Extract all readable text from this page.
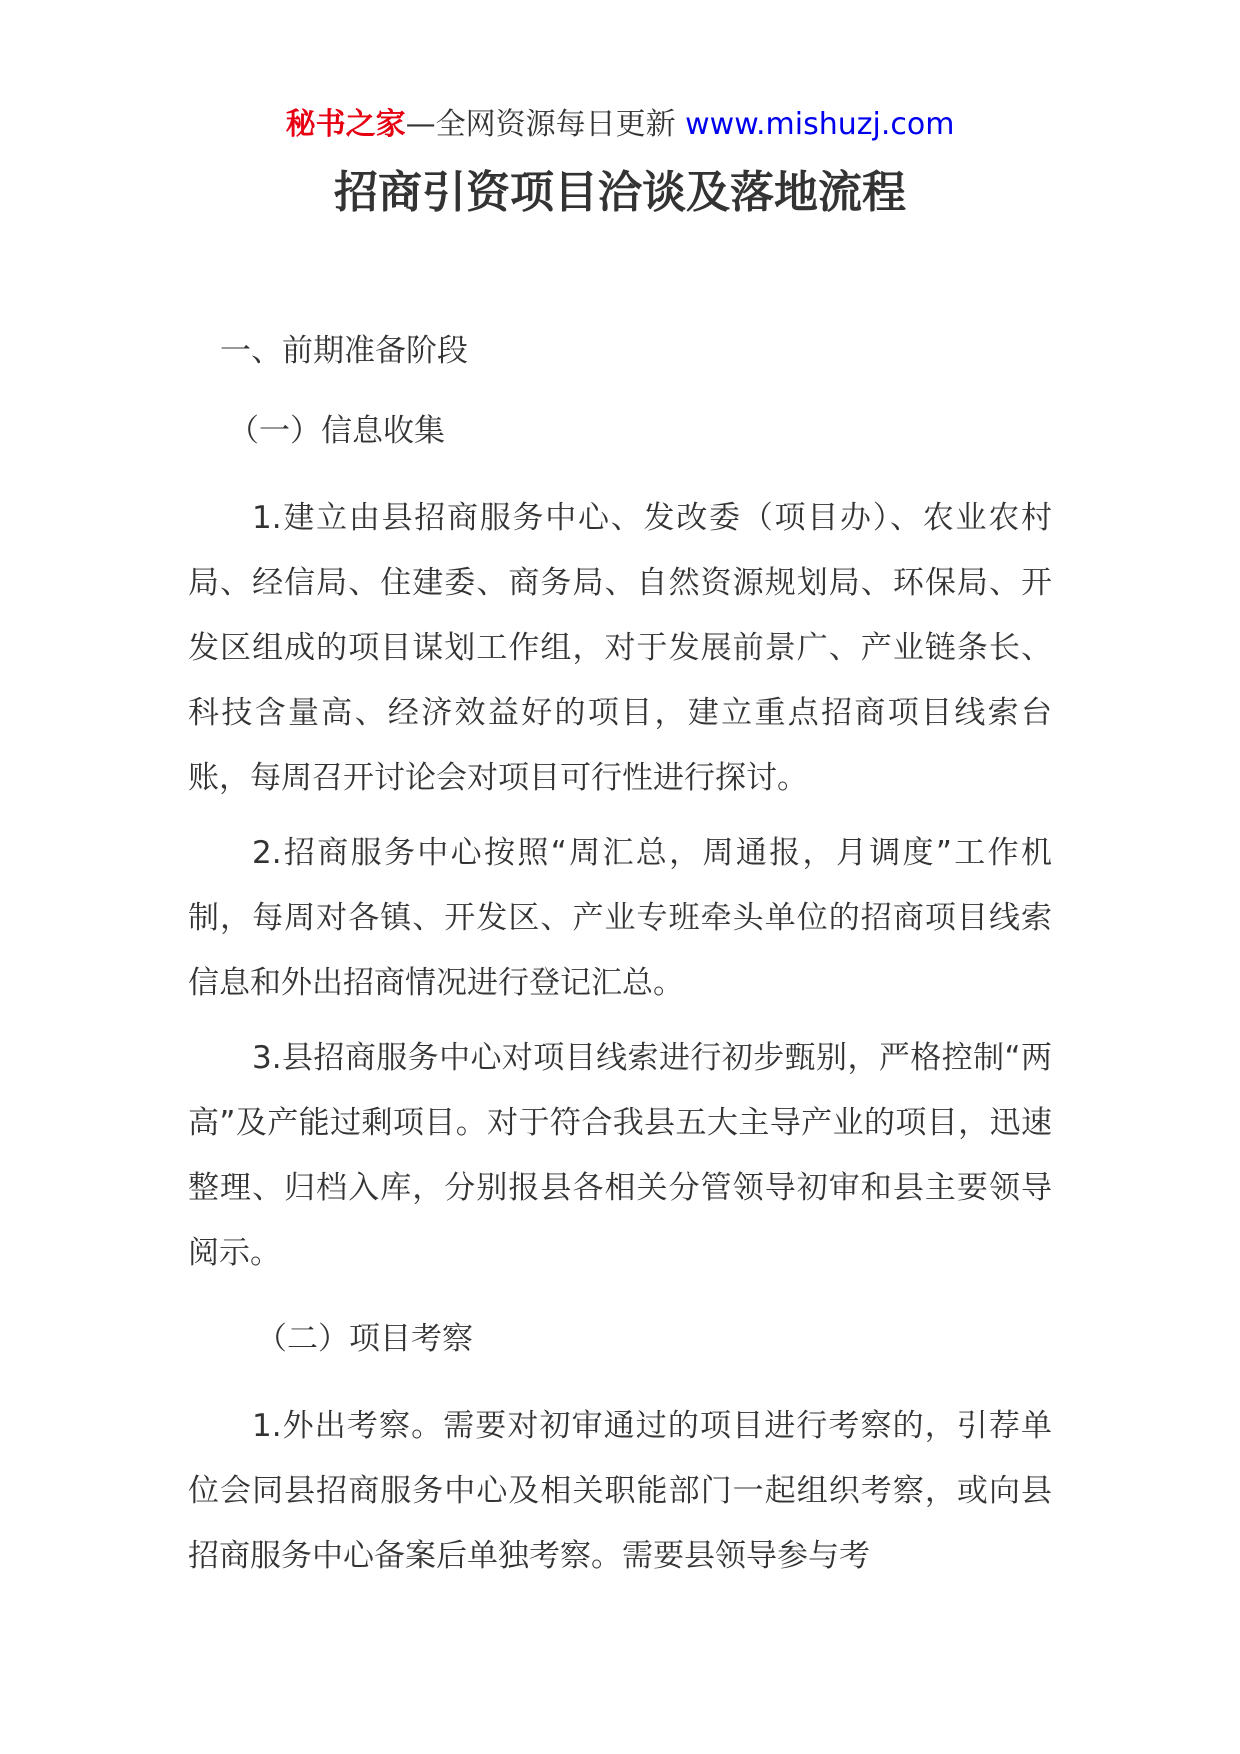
秘书之家—全网资源每日更新 www.mishuzj.com
招商引资项目洽谈及落地流程
一、前期准备阶段
（一）信息收集

1.建立由县招商服务中心、发改委（项目办）、农业农村局、经信局、住建委、商务局、自然资源规划局、环保局、开发区组成的项目谋划工作组，对于发展前景广、产业链条长、科技含量高、经济效益好的项目，建立重点招商项目线索台账，每周召开讨论会对项目可行性进行探讨。

2.招商服务中心按照“周汇总，周通报，月调度”工作机制，每周对各镇、开发区、产业专班牵头单位的招商项目线索信息和外出招商情况进行登记汇总。

3.县招商服务中心对项目线索进行初步甄别，严格控制“两高”及产能过剩项目。对于符合我县五大主导产业的项目，迅速整理、归档入库，分别报县各相关分管领导初审和县主要领导阅示。

（二）项目考察

1.外出考察。需要对初审通过的项目进行考察的，引荐单位会同县招商服务中心及相关职能部门一起组织考察，或向县招商服务中心备案后单独考察。需要县领导参与考
